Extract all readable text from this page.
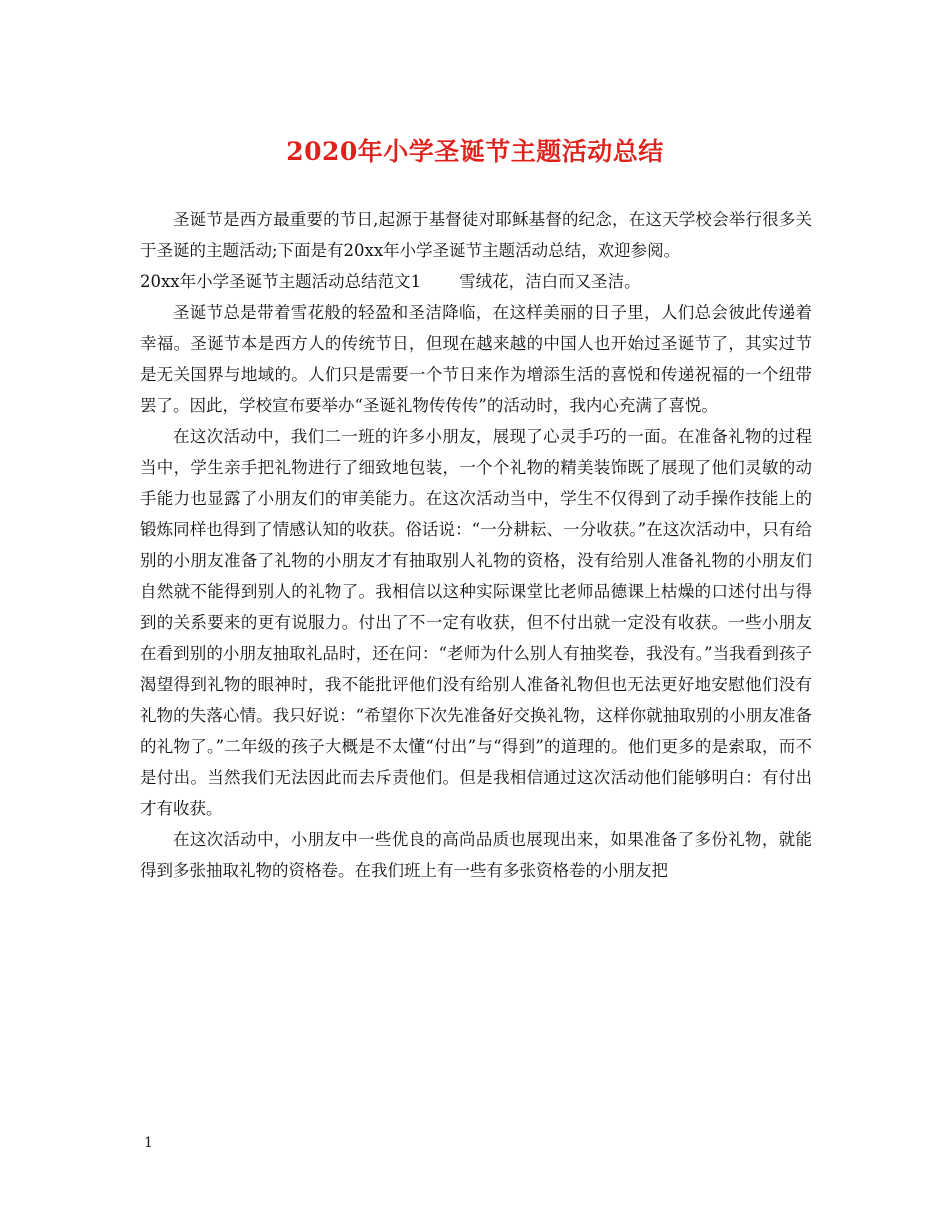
2020年小学圣诞节主题活动总结

圣诞节是西方最重要的节日,起源于基督徒对耶稣基督的纪念，在这天学校会举行很多关于圣诞的主题活动;下面是有20xx年小学圣诞节主题活动总结，欢迎参阅。

20xx年小学圣诞节主题活动总结范文1 雪绒花，洁白而又圣洁。

圣诞节总是带着雪花般的轻盈和圣洁降临，在这样美丽的日子里，人们总会彼此传递着幸福。圣诞节本是西方人的传统节日，但现在越来越的中国人也开始过圣诞节了，其实过节是无关国界与地域的。人们只是需要一个节日来作为增添生活的喜悦和传递祝福的一个纽带罢了。因此，学校宣布要举办“圣诞礼物传传传”的活动时，我内心充满了喜悦。

在这次活动中，我们二一班的许多小朋友，展现了心灵手巧的一面。在准备礼物的过程当中，学生亲手把礼物进行了细致地包装，一个个礼物的精美装饰既了展现了他们灵敏的动手能力也显露了小朋友们的审美能力。在这次活动当中，学生不仅得到了动手操作技能上的锻炼同样也得到了情感认知的收获。俗话说：“一分耕耘、一分收获。”在这次活动中，只有给别的小朋友准备了礼物的小朋友才有抽取别人礼物的资格，没有给别人准备礼物的小朋友们自然就不能得到别人的礼物了。我相信以这种实际课堂比老师品德课上枯燥的口述付出与得到的关系要来的更有说服力。付出了不一定有收获，但不付出就一定没有收获。一些小朋友在看到别的小朋友抽取礼品时，还在问：“老师为什么别人有抽奖卷，我没有。”当我看到孩子渴望得到礼物的眼神时，我不能批评他们没有给别人准备礼物但也无法更好地安慰他们没有礼物的失落心情。我只好说：“希望你下次先准备好交换礼物，这样你就抽取别的小朋友准备的礼物了。”二年级的孩子大概是不太懂“付出”与“得到”的道理的。他们更多的是索取，而不是付出。当然我们无法因此而去斥责他们。但是我相信通过这次活动他们能够明白：有付出才有收获。

在这次活动中，小朋友中一些优良的高尚品质也展现出来，如果准备了多份礼物，就能得到多张抽取礼物的资格卷。在我们班上有一些有多张资格卷的小朋友把

1
